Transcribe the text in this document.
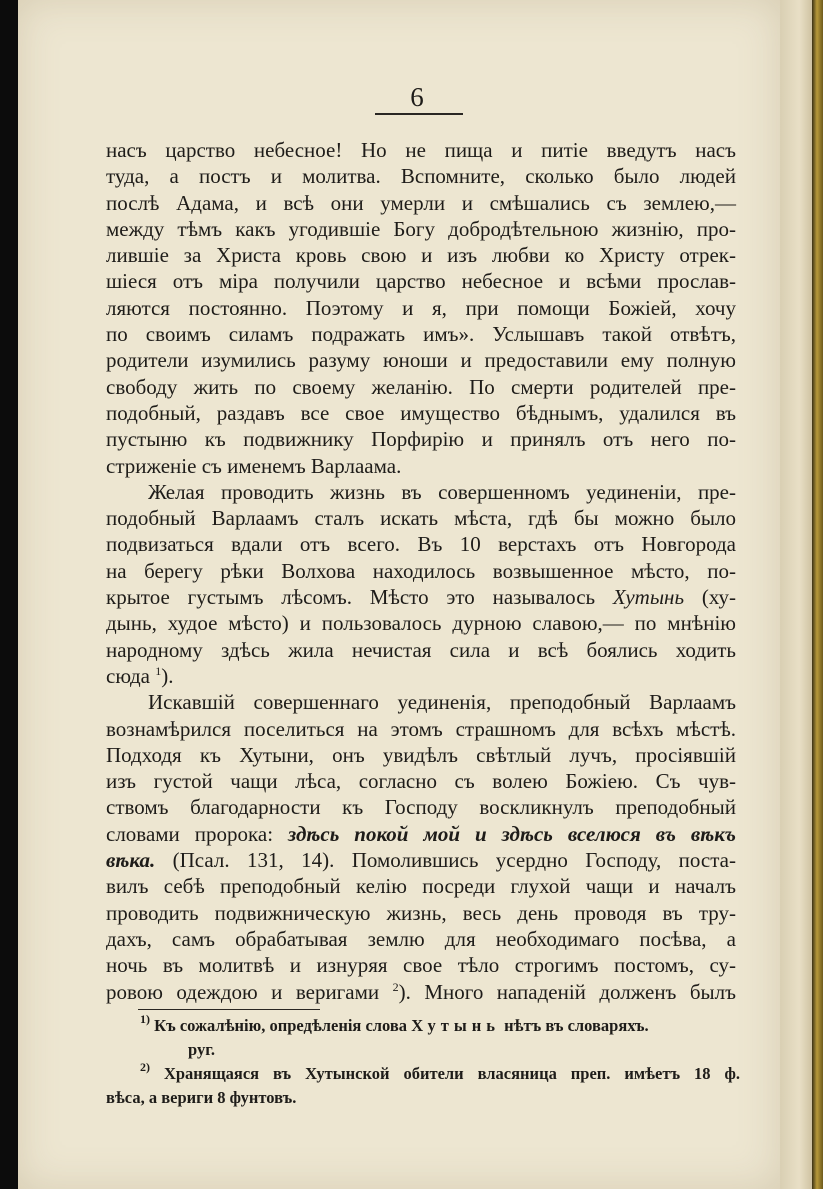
6

насъ царство небесное! Но не пища и питіе введутъ насъ
туда, а постъ и молитва. Вспомните, сколько было людей
послѣ Адама, и всѣ они умерли и смѣшались съ землею,—
между тѣмъ какъ угодившіе Богу добродѣтельною жизнію, про-
лившіе за Христа кровь свою и изъ любви ко Христу отрек-
шіеся отъ міра получили царство небесное и всѣми прослав-
ляются постоянно. Поэтому и я, при помощи Божіей, хочу
по своимъ силамъ подражать имъ». Услышавъ такой отвѣтъ,
родители изумились разуму юноши и предоставили ему полную
свободу жить по своему желанію. По смерти родителей пре-
подобный, раздавъ все свое имущество бѣднымъ, удалился въ
пустыню къ подвижнику Порфирію и принялъ отъ него по-
стриженіе съ именемъ Варлаама.

Желая проводить жизнь въ совершенномъ уединеніи, пре-
подобный Варлаамъ сталъ искать мѣста, гдѣ бы можно было
подвизаться вдали отъ всего. Въ 10 верстахъ отъ Новгорода
на берегу рѣки Волхова находилось возвышенное мѣсто, по-
крытое густымъ лѣсомъ. Мѣсто это называлось Хутынь (ху-
дынь, худое мѣсто) и пользовалось дурною славою,— по мнѣнію
народному здѣсь жила нечистая сила и всѣ боялись ходить
сюда $^1$).

Искавшій совершеннаго уединенія, преподобный Варлаамъ
вознамѣрился поселиться на этомъ страшномъ для всѣхъ мѣстѣ.
Подходя къ Хутыни, онъ увидѣлъ свѣтлый лучъ, просіявшій
изъ густой чащи лѣса, согласно съ волею Божіею. Съ чув-
ствомъ благодарности къ Господу воскликнулъ преподобный
словами пророка: здѣсь покой мой и здѣсь вселюся въ вѣкъ
вѣка. (Псал. 131, 14). Помолившись усердно Господу, поста-
вилъ себѣ преподобный келію посреди глухой чащи и началъ
проводить подвижническую жизнь, весь день проводя въ тру-
дахъ, самъ обрабатывая землю для необходимаго посѣва, а
ночь въ молитвѣ и изнуряя свое тѣло строгимъ постомъ, су-
ровою одеждою и веригами $^2$). Много нападеній долженъ былъ

$^{1)}$ Къ сожалѣнію, опредѣленія слова Хутынь нѣтъ въ словаряхъ.
руг.
$^{2)}$ Хранящаяся въ Хутынской обители власяница преп. имѣетъ 18 ф.
вѣса, а вериги 8 фунтовъ.
